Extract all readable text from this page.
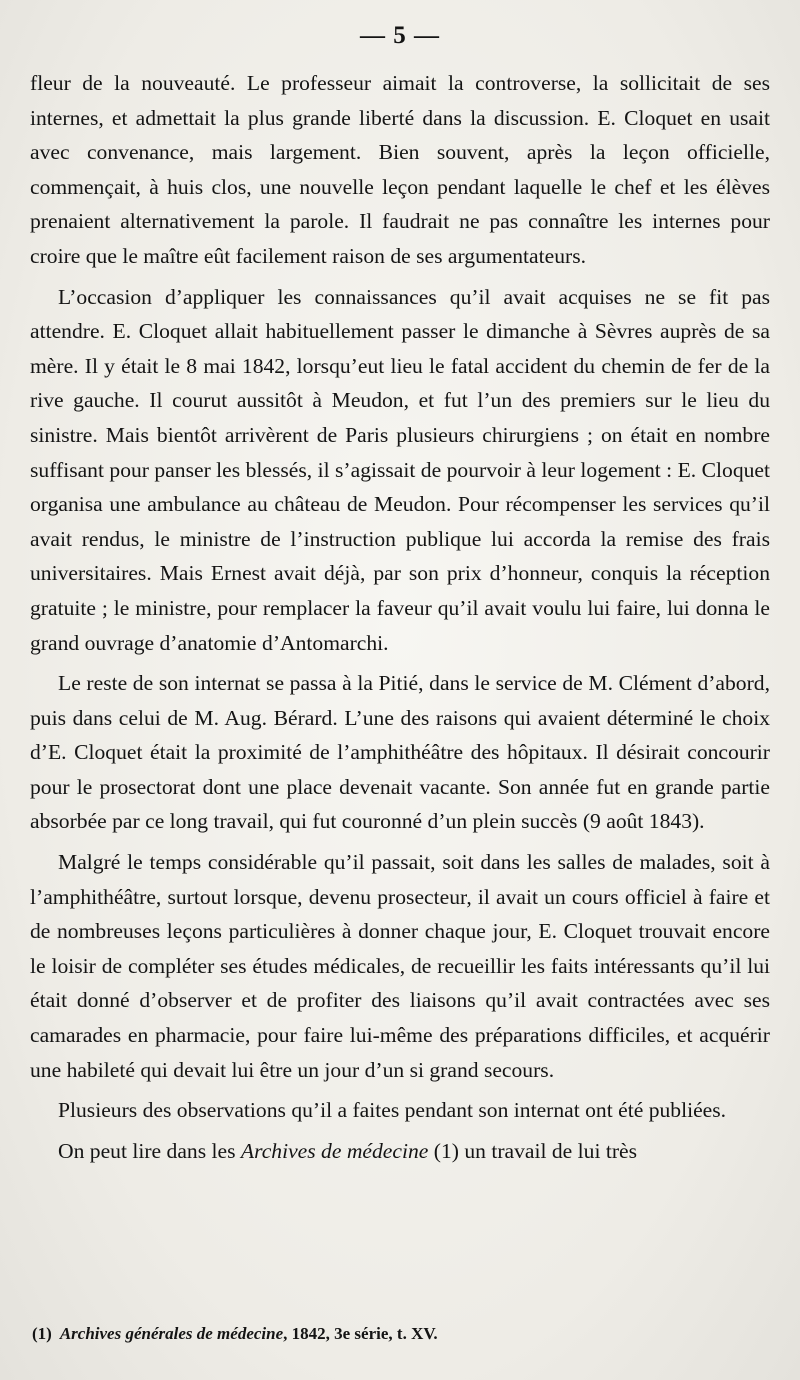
— 5 —

fleur de la nouveauté. Le professeur aimait la controverse, la sollicitait de ses internes, et admettait la plus grande liberté dans la discussion. E. Cloquet en usait avec convenance, mais largement. Bien souvent, après la leçon officielle, commençait, à huis clos, une nouvelle leçon pendant laquelle le chef et les élèves prenaient alternativement la parole. Il faudrait ne pas connaître les internes pour croire que le maître eût facilement raison de ses argumentateurs.

L’occasion d’appliquer les connaissances qu’il avait acquises ne se fit pas attendre. E. Cloquet allait habituellement passer le dimanche à Sèvres auprès de sa mère. Il y était le 8 mai 1842, lorsqu’eut lieu le fatal accident du chemin de fer de la rive gauche. Il courut aussitôt à Meudon, et fut l’un des premiers sur le lieu du sinistre. Mais bientôt arrivèrent de Paris plusieurs chirurgiens ; on était en nombre suffisant pour panser les blessés, il s’agissait de pourvoir à leur logement : E. Cloquet organisa une ambulance au château de Meudon. Pour récompenser les services qu’il avait rendus, le ministre de l’instruction publique lui accorda la remise des frais universitaires. Mais Ernest avait déjà, par son prix d’honneur, conquis la réception gratuite ; le ministre, pour remplacer la faveur qu’il avait voulu lui faire, lui donna le grand ouvrage d’anatomie d’Antomarchi.

Le reste de son internat se passa à la Pitié, dans le service de M. Clément d’abord, puis dans celui de M. Aug. Bérard. L’une des raisons qui avaient déterminé le choix d’E. Cloquet était la proximité de l’amphithéâtre des hôpitaux. Il désirait concourir pour le prosectorat dont une place devenait vacante. Son année fut en grande partie absorbée par ce long travail, qui fut couronné d’un plein succès (9 août 1843).

Malgré le temps considérable qu’il passait, soit dans les salles de malades, soit à l’amphithéâtre, surtout lorsque, devenu prosecteur, il avait un cours officiel à faire et de nombreuses leçons particulières à donner chaque jour, E. Cloquet trouvait encore le loisir de compléter ses études médicales, de recueillir les faits intéressants qu’il lui était donné d’observer et de profiter des liaisons qu’il avait contractées avec ses camarades en pharmacie, pour faire lui-même des préparations difficiles, et acquérir une habileté qui devait lui être un jour d’un si grand secours.

Plusieurs des observations qu’il a faites pendant son internat ont été publiées.

On peut lire dans les Archives de médecine (1) un travail de lui très

(1) Archives générales de médecine, 1842, 3e série, t. XV.
